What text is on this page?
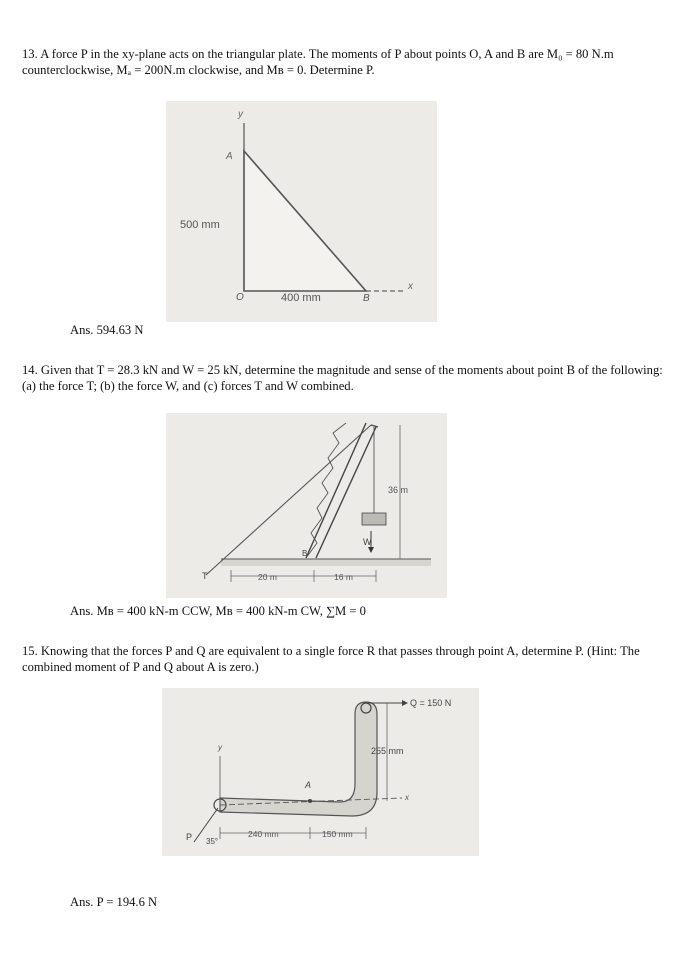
13. A force P in the xy-plane acts on the triangular plate. The moments of P about points O, A and B are M₀ = 80 N.m counterclockwise, Mₐ = 200N.m clockwise, and Mʙ = 0. Determine P.
y
A
500 mm
O	400 mm	B
x
Ans. 594.63 N
14. Given that T = 28.3 kN and W = 25 kN, determine the magnitude and sense of the moments about point B of the following: (a) the force T; (b) the force W, and (c) forces T and W combined.
36 m
W
B
T	20 m	16 m
Ans. Mʙ = 400 kN-m CCW, Mʙ = 400 kN-m CW, ∑M = 0
15. Knowing that the forces P and Q are equivalent to a single force R that passes through point A, determine P. (Hint: The combined moment of P and Q about A is zero.)
Q = 150 N
255 mm
y
A
x
P 35°
240 mm	150 mm
Ans. P = 194.6 N
